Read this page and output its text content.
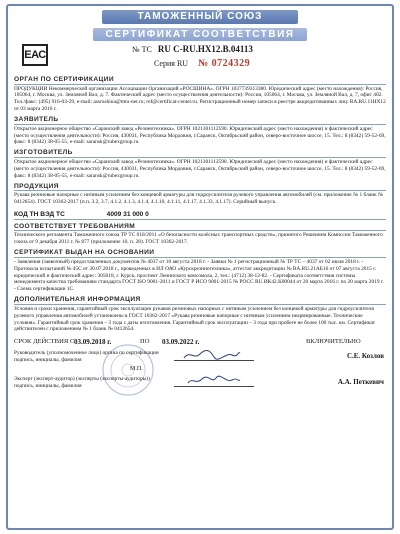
ТАМОЖЕННЫЙ СОЮЗ
СЕРТИФИКАТ СООТВЕТСТВИЯ
ЕАС	№ ТС RU C-RU.НХ12.В.04113
Серия RU № 0724329
ОРГАН ПО СЕРТИФИКАЦИИ
ПРОДУКЦИИ Некоммерческой организации Ассоциации Организаций «РОСШИНА». ОГРН 1037739313380. Юридический адрес (место нахождения): Россия, 105064, г. Москва, ул. Земляной Вал, д. 7. Фактический адрес (место осуществления деятельности): Россия, 105064, г. Москва, ул. Земляной Вал, д. 7, офис 402. Тел./факс: (495) 916-03-29, e-mail: assroshina@mtu-net.ru; ref@certificat-center.ru. Регистрационный номер записи в реестре аккредитованных лиц: RA.RU.11НХ12 от 03 марта 2016 г.
ЗАЯВИТЕЛЬ
Открытое акционерное общество «Саранский завод «Резинотехника». ОГРН 1021301112590. Юридический адрес (место нахождения) и фактический адрес (место осуществления деятельности): Россия, 430031, Республика Мордовия, г.Саранск, Октябрьский район, северо-восточное шоссе, 15. Тел.: 8 (8342) 59-52-69, факс: 8 (8342) 38-05-55, e-mail: saransk@rubexgroup.ru.
ИЗГОТОВИТЕЛЬ
Открытое акционерное общество «Саранский завод «Резинотехника». ОГРН 1021301112590. Юридический адрес (место нахождения) и фактический адрес (место осуществления деятельности): Россия, 430031, Республика Мордовия, г.Саранск, Октябрьский район, северо-восточное шоссе, 15. Тел.: 8 (8342) 59-52-69, факс: 8 (8342) 38-05-55, e-mail: saransk@rubexgroup.ru.
ПРОДУКЦИЯ
Рукава резиновые напорные с нитяным усилением без концевой арматуры для гидроусилителя рулевого управления автомобилей (см. приложение № 1 бланк № 0412654). ГОСТ 10362-2017 (п.п. 3.2, 3.7, 4.1.2, 4.1.3, 4.1.4, 4.1.10, 4.1.11, 4.1.17, 4.1.33, 4.1.17). Серийный выпуск.
КОД ТН ВЭД ТС	4009 31 000 0
СООТВЕТСТВУЕТ ТРЕБОВАНИЯМ
Технического регламента Таможенного союза ТР ТС 018/2011 «О безопасности колёсных транспортных средств», принятого Решением Комиссии Таможенного союза от 9 декабря 2011 г. № 877 (приложение 10, п. 28). ГОСТ 10362-2017.
СЕРТИФИКАТ ВЫДАН НА ОСНОВАНИИ
- Заявления (заявочный) предоставленных документов № 4037 от 10 августа 2018 г. - Заявки № 1 регистрационный № ТР ТС – 4037 от 02 июля 2018 г. - Протокола испытаний № 45С от 30.07.2018 г., проведенных в ИЛ ОАО «Курскрезинотехника», аттестат аккредитации № RA.RU.21АБ16 от 07 августа 2015 г. юридический и фактический адрес: 305018, г. Курск, проспект Ленинского комсомола, 2, тел.: (4712) 38-12-82. - Сертификата соответствия системы менеджмента качества требованиям стандарта ГОСТ ISO 9001-2011 и ГОСТ Р ИСО 9001-2015 № РОСС RU.ИК42.К00044 от 20 марта 2016 г. по 20 марта 2019 г. - Схема сертификации 1С.
ДОПОЛНИТЕЛЬНАЯ ИНФОРМАЦИЯ
Условия и сроки хранения, гарантийный срок эксплуатации рукавов резиновых напорных с нитяным усилением без концевой арматуры для гидроусилителя рулевого управления автомобилей установлены в ГОСТ 10362-2017 «Рукава резиновые напорные с нитяным усилением неармированные. Технические условия». Гарантийный срок хранения – 3 года с даты изготовления. Гарантийный срок эксплуатации – 3 года при пробеге не более 100 тыс. км. Сертификат действителен с приложением № 1 бланк № 0412654.
СРОК ДЕЙСТВИЯ С 03.09.2018 г.	ПО 03.09.2022 г.	ВКЛЮЧИТЕЛЬНО
Руководитель (уполномоченное лицо) органа по сертификации
подпись, инициалы, фамилия	С.Е. Козлов
М.П.
Эксперт (эксперт-аудитор) (эксперты (эксперты-аудиторы))
подпись, инициалы, фамилия	А.А. Петкевич
